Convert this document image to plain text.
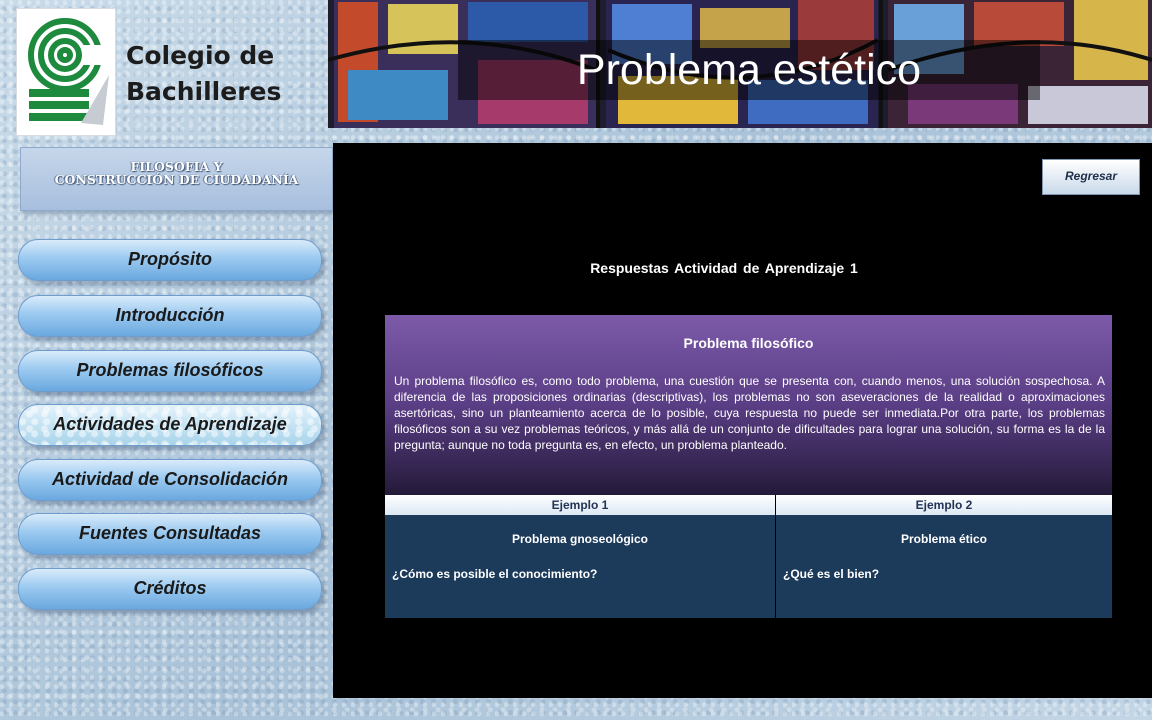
Colegio de
Bachilleres	Problema estético
FILOSOFIA Y
CONSTRUCCIÓN DE CIUDADANÍA
Propósito
Introducción
Problemas filosóficos
Actividades de Aprendizaje
Actividad de Consolidación
Fuentes Consultadas
Créditos
Regresar
Respuestas Actividad de Aprendizaje 1
Problema filosófico
Un problema filosófico es, como todo problema, una cuestión que se presenta con, cuando menos, una solución sospechosa. A diferencia de las proposiciones ordinarias (descriptivas), los problemas no son aseveraciones de la realidad o aproximaciones asertóricas, sino un planteamiento acerca de lo posible, cuya respuesta no puede ser inmediata.Por otra parte, los problemas filosóficos son a su vez problemas teóricos, y más allá de un conjunto de dificultades para lograr una solución, su forma es la de la pregunta; aunque no toda pregunta es, en efecto, un problema planteado.
Ejemplo 1	Ejemplo 2
Problema gnoseológico
¿Cómo es posible el conocimiento?
Problema ético
¿Qué es el bien?
